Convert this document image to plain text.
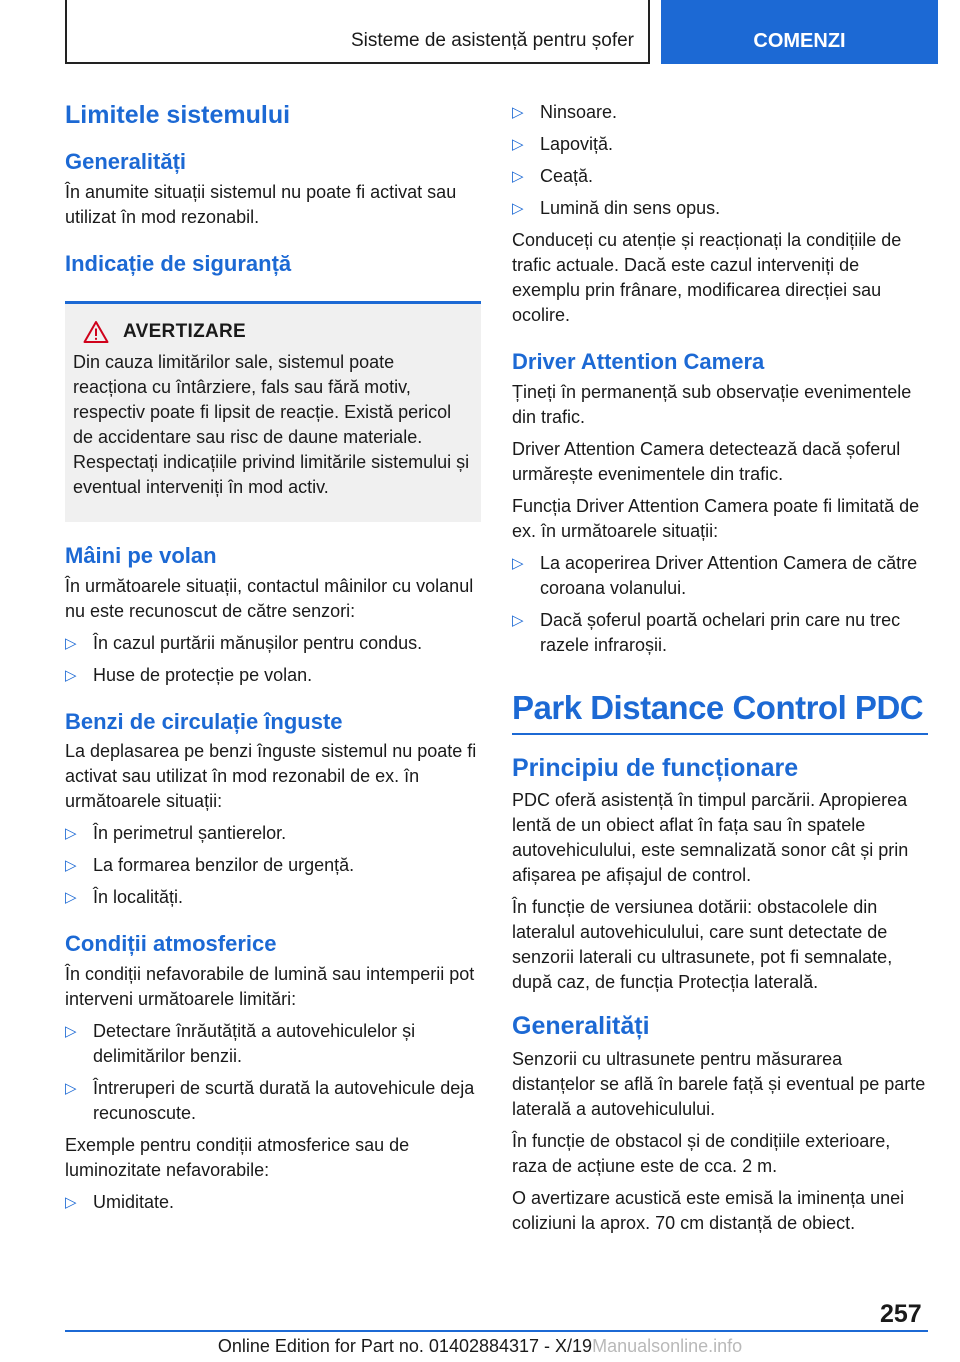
Sisteme de asistență pentru șofer	COMENZI
Limitele sistemului
Generalități

În anumite situații sistemul nu poate fi activat sau utilizat în mod rezonabil.

Indicație de siguranță
AVERTIZARE

Din cauza limitărilor sale, sistemul poate reacționa cu întârziere, fals sau fără motiv, respectiv poate fi lipsit de reacție. Există pericol de accidentare sau risc de daune materiale. Respectați indicațiile privind limitările sistemului și eventual interveniți în mod activ.

Mâini pe volan

În următoarele situații, contactul mâinilor cu volanul nu este recunoscut de către senzori:

▷ În cazul purtării mănușilor pentru condus.
▷ Huse de protecție pe volan.
Benzi de circulație înguste

La deplasarea pe benzi înguste sistemul nu poate fi activat sau utilizat în mod rezonabil de ex. în următoarele situații:

▷ În perimetrul șantierelor.
▷ La formarea benzilor de urgență.
▷ În localități.
Condiții atmosferice

În condiții nefavorabile de lumină sau intemperii pot interveni următoarele limitări:

▷ Detectare înrăutățită a autovehiculelor și delimitărilor benzii.
▷ Întreruperi de scurtă durată la autovehicule deja recunoscute.

Exemple pentru condiții atmosferice sau de luminozitate nefavorabile:

▷ Umiditate.
▷ Ninsoare.
▷ Lapoviță.
▷ Ceață.
▷ Lumină din sens opus.

Conduceți cu atenție și reacționați la condițiile de trafic actuale. Dacă este cazul interveniți de exemplu prin frânare, modificarea direcției sau ocolire.

Driver Attention Camera

Țineți în permanență sub observație evenimentele din trafic.

Driver Attention Camera detectează dacă șoferul urmărește evenimentele din trafic.

Funcția Driver Attention Camera poate fi limitată de ex. în următoarele situații:

▷ La acoperirea Driver Attention Camera de către coroana volanului.
▷ Dacă șoferul poartă ochelari prin care nu trec razele infraroșii.
Park Distance Control PDC
Principiu de funcționare

PDC oferă asistență în timpul parcării. Apropierea lentă de un obiect aflat în fața sau în spatele autovehiculului, este semnalizată sonor cât și prin afișarea pe afișajul de control.

În funcție de versiunea dotării: obstacolele din lateralul autovehiculului, care sunt detectate de senzorii laterali cu ultrasunete, pot fi semnalate, după caz, de funcția Protecția laterală.

Generalități

Senzorii cu ultrasunete pentru măsurarea distanțelor se află în barele față și eventual pe parte laterală a autovehiculului.

În funcție de obstacol și de condițiile exterioare, raza de acțiune este de cca. 2 m.

O avertizare acustică este emisă la iminența unei coliziuni la aprox. 70 cm distanță de obiect.

257
Online Edition for Part no. 01402884317 - X/19Manualsonline.info
